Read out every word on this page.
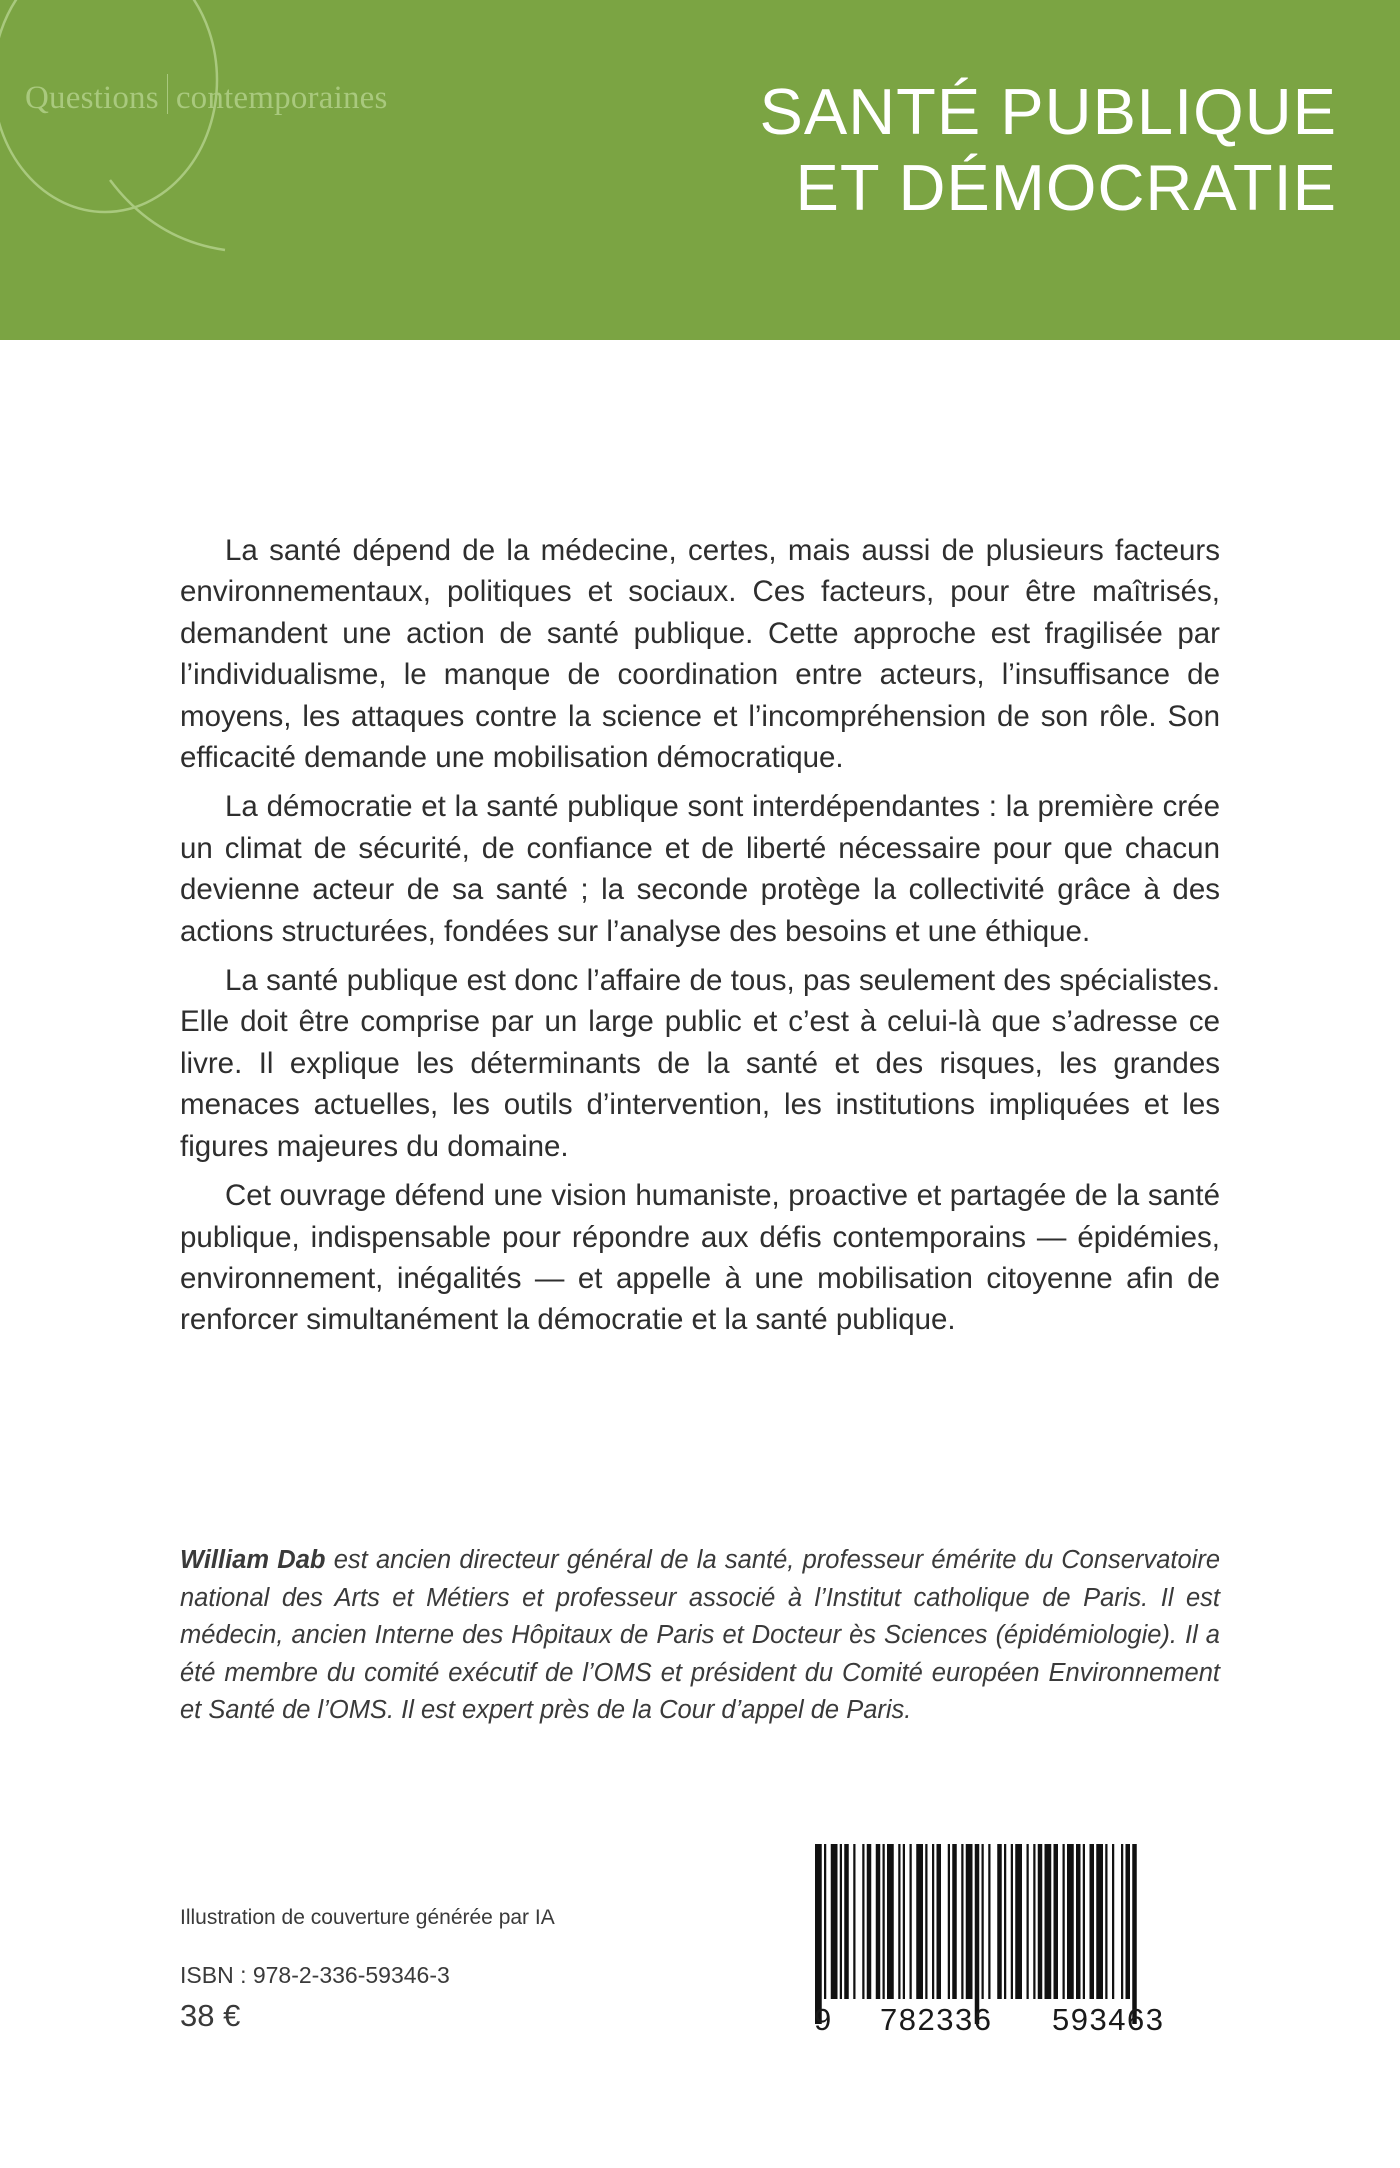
Questions contemporaines	SANTÉ PUBLIQUE
ET DÉMOCRATIE

La santé dépend de la médecine, certes, mais aussi de plusieurs facteurs environnementaux, politiques et sociaux. Ces facteurs, pour être maîtrisés, demandent une action de santé publique. Cette approche est fragilisée par l’individualisme, le manque de coordination entre acteurs, l’insuffisance de moyens, les attaques contre la science et l’incompréhension de son rôle. Son efficacité demande une mobilisation démocratique.

La démocratie et la santé publique sont interdépendantes : la première crée un climat de sécurité, de confiance et de liberté nécessaire pour que chacun devienne acteur de sa santé ; la seconde protège la collectivité grâce à des actions structurées, fondées sur l’analyse des besoins et une éthique.

La santé publique est donc l’affaire de tous, pas seulement des spécialistes. Elle doit être comprise par un large public et c’est à celui-là que s’adresse ce livre. Il explique les déterminants de la santé et des risques, les grandes menaces actuelles, les outils d’intervention, les institutions impliquées et les figures majeures du domaine.

Cet ouvrage défend une vision humaniste, proactive et partagée de la santé publique, indispensable pour répondre aux défis contemporains — épidémies, environnement, inégalités — et appelle à une mobilisation citoyenne afin de renforcer simultanément la démocratie et la santé publique.

William Dab est ancien directeur général de la santé, professeur émérite du Conservatoire national des Arts et Métiers et professeur associé à l’Institut catholique de Paris. Il est médecin, ancien Interne des Hôpitaux de Paris et Docteur ès Sciences (épidémiologie). Il a été membre du comité exécutif de l’OMS et président du Comité européen Environnement et Santé de l’OMS. Il est expert près de la Cour d’appel de Paris.
Illustration de couverture générée par IA
ISBN : 978-2-336-59346-3
38 €	9 782336 593463
